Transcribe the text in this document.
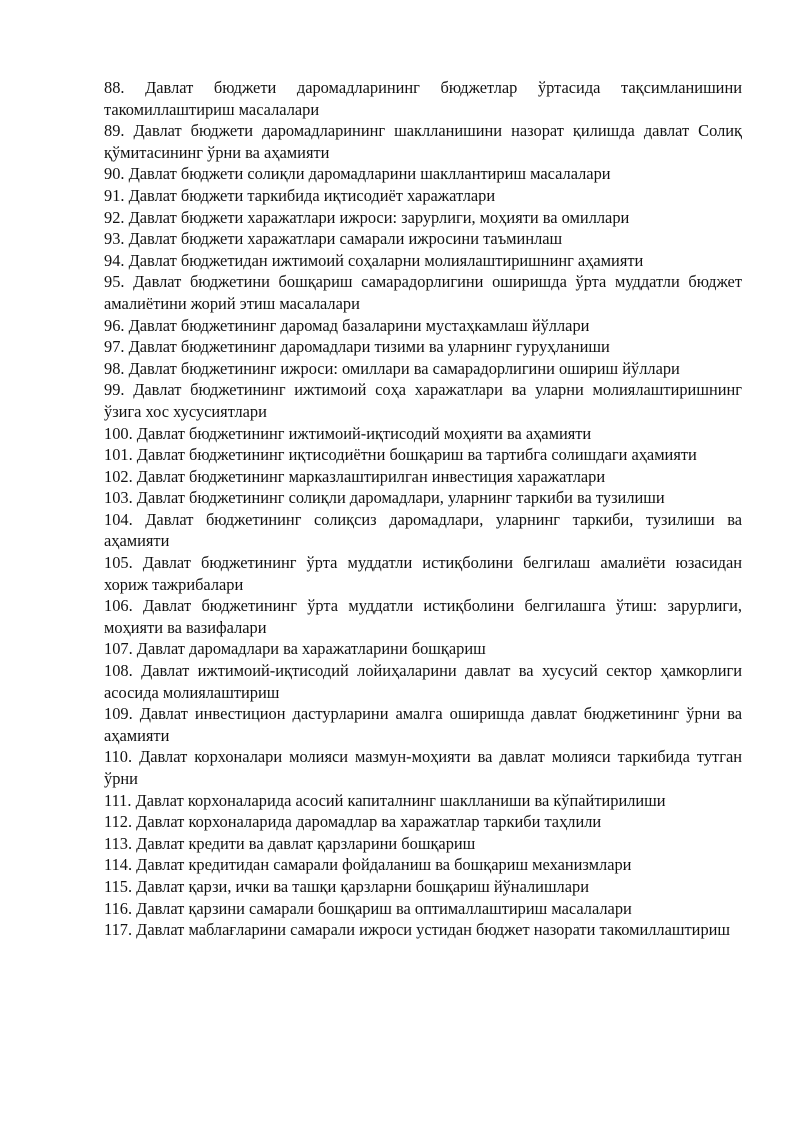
88. Давлат бюджети даромадларининг бюджетлар ўртасида тақсимланишини такомиллаштириш масалалари
89. Давлат бюджети даромадларининг шаклланишини назорат қилишда давлат Солиқ қўмитасининг ўрни ва аҳамияти
90. Давлат бюджети солиқли даромадларини шакллантириш масалалари
91. Давлат бюджети таркибида иқтисодиёт харажатлари
92. Давлат бюджети харажатлари ижроси: зарурлиги, моҳияти ва омиллари
93. Давлат бюджети харажатлари самарали ижросини таъминлаш
94. Давлат бюджетидан ижтимоий соҳаларни молиялаштиришнинг аҳамияти
95. Давлат бюджетини бошқариш самарадорлигини оширишда ўрта муддатли бюджет амалиётини жорий этиш масалалари
96. Давлат бюджетининг даромад базаларини мустаҳкамлаш йўллари
97. Давлат бюджетининг даромадлари тизими ва уларнинг гуруҳланиши
98. Давлат бюджетининг ижроси: омиллари ва самарадорлигини ошириш йўллари
99. Давлат бюджетининг ижтимоий соҳа харажатлари ва уларни молиялаштиришнинг ўзига хос хусусиятлари
100. Давлат бюджетининг ижтимоий-иқтисодий моҳияти ва аҳамияти
101. Давлат бюджетининг иқтисодиётни бошқариш ва тартибга солишдаги аҳамияти
102. Давлат бюджетининг марказлаштирилган инвестиция харажатлари
103. Давлат бюджетининг солиқли даромадлари, уларнинг таркиби ва тузилиши
104. Давлат бюджетининг солиқсиз даромадлари, уларнинг таркиби, тузилиши ва аҳамияти
105. Давлат бюджетининг ўрта муддатли истиқболини белгилаш амалиёти юзасидан хориж тажрибалари
106. Давлат бюджетининг ўрта муддатли истиқболини белгилашга ўтиш: зарурлиги, моҳияти ва вазифалари
107. Давлат даромадлари ва харажатларини бошқариш
108. Давлат ижтимоий-иқтисодий лойиҳаларини давлат ва хусусий сектор ҳамкорлиги асосида молиялаштириш
109. Давлат инвестицион дастурларини амалга оширишда давлат бюджетининг ўрни ва аҳамияти
110. Давлат корхоналари молияси мазмун-моҳияти ва давлат молияси таркибида тутган ўрни
111. Давлат корхоналарида асосий капиталнинг шаклланиши ва кўпайтирилиши
112. Давлат корхоналарида даромадлар ва харажатлар таркиби таҳлили
113. Давлат кредити ва давлат қарзларини бошқариш
114. Давлат кредитидан самарали фойдаланиш ва бошқариш механизмлари
115. Давлат қарзи, ички ва ташқи қарзларни бошқариш йўналишлари
116. Давлат қарзини самарали бошқариш ва оптималлаштириш масалалари
117. Давлат маблағларини самарали ижроси устидан бюджет назорати такомиллаштириш
